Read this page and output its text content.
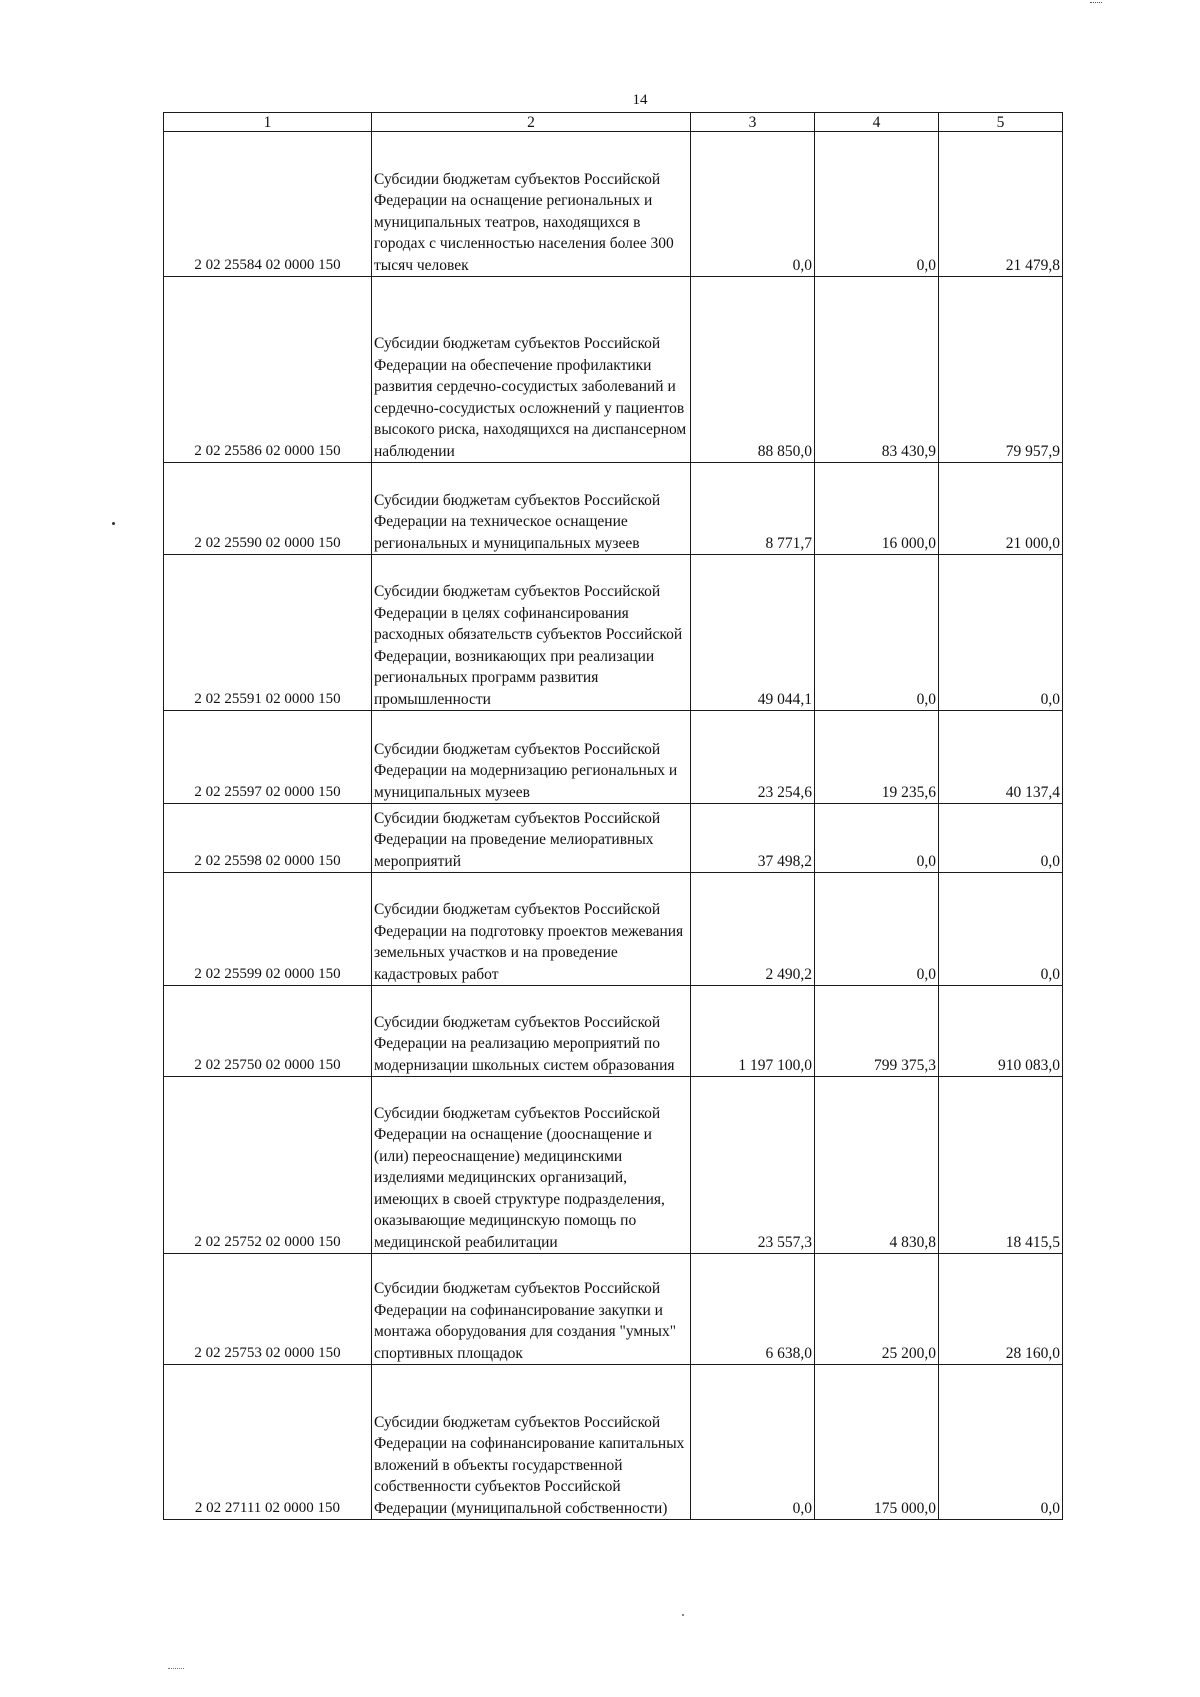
14
1	2	3	4	5
2 02 25584 02 0000 150	Субсидии бюджетам субъектов Российской Федерации на оснащение региональных и муниципальных театров, находящихся в городах с численностью населения более 300 тысяч человек	0,0	0,0	21 479,8
2 02 25586 02 0000 150	Субсидии бюджетам субъектов Российской Федерации на обеспечение профилактики развития сердечно-сосудистых заболеваний и сердечно-сосудистых осложнений у пациентов высокого риска, находящихся на диспансерном наблюдении	88 850,0	83 430,9	79 957,9
2 02 25590 02 0000 150	Субсидии бюджетам субъектов Российской Федерации на техническое оснащение региональных и муниципальных музеев	8 771,7	16 000,0	21 000,0
2 02 25591 02 0000 150	Субсидии бюджетам субъектов Российской Федерации в целях софинансирования расходных обязательств субъектов Российской Федерации, возникающих при реализации региональных программ развития промышленности	49 044,1	0,0	0,0
2 02 25597 02 0000 150	Субсидии бюджетам субъектов Российской Федерации на модернизацию региональных и муниципальных музеев	23 254,6	19 235,6	40 137,4
2 02 25598 02 0000 150	Субсидии бюджетам субъектов Российской Федерации на проведение мелиоративных мероприятий	37 498,2	0,0	0,0
2 02 25599 02 0000 150	Субсидии бюджетам субъектов Российской Федерации на подготовку проектов межевания земельных участков и на проведение кадастровых работ	2 490,2	0,0	0,0
2 02 25750 02 0000 150	Субсидии бюджетам субъектов Российской Федерации на реализацию мероприятий по модернизации школьных систем образования	1 197 100,0	799 375,3	910 083,0
2 02 25752 02 0000 150	Субсидии бюджетам субъектов Российской Федерации на оснащение (дооснащение и (или) переоснащение) медицинскими изделиями медицинских организаций, имеющих в своей структуре подразделения, оказывающие медицинскую помощь по медицинской реабилитации	23 557,3	4 830,8	18 415,5
2 02 25753 02 0000 150	Субсидии бюджетам субъектов Российской Федерации на софинансирование закупки и монтажа оборудования для создания "умных" спортивных площадок	6 638,0	25 200,0	28 160,0
2 02 27111 02 0000 150	Субсидии бюджетам субъектов Российской Федерации на софинансирование капитальных вложений в объекты государственной собственности субъектов Российской Федерации (муниципальной собственности)	0,0	175 000,0	0,0
